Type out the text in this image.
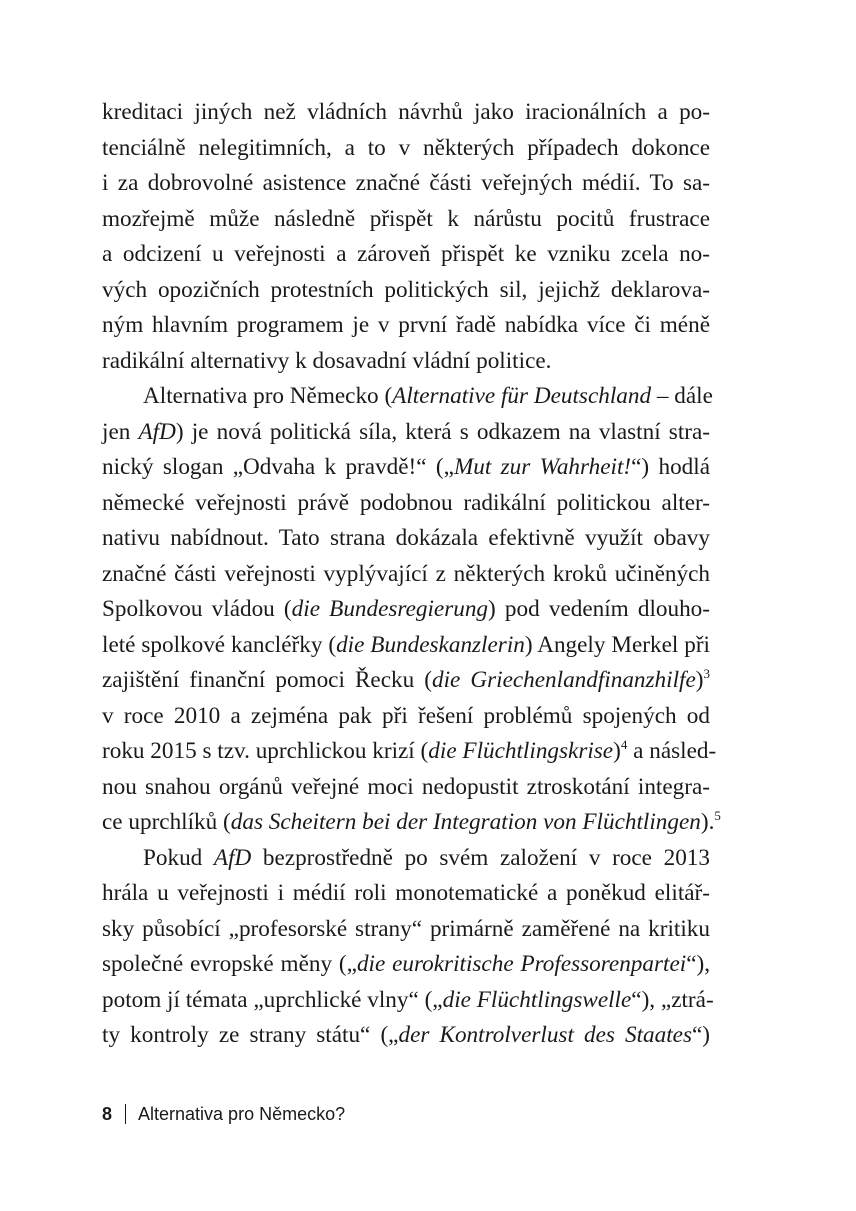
kreditaci jiných než vládních návrhů jako iracionálních a po-
tenciálně nelegitimních, a to v některých případech dokonce
i za dobrovolné asistence značné části veřejných médií. To sa-
mozřejmě může následně přispět k nárůstu pocitů frustrace
a odcizení u veřejnosti a zároveň přispět ke vzniku zcela no-
vých opozičních protestních politických sil, jejichž deklarova-
ným hlavním programem je v první řadě nabídka více či méně
radikální alternativy k dosavadní vládní politice.
Alternativa pro Německo (Alternative für Deutschland – dále
jen AfD) je nová politická síla, která s odkazem na vlastní stra-
nický slogan „Odvaha k pravdě!“ („Mut zur Wahrheit!“) hodlá
německé veřejnosti právě podobnou radikální politickou alter-
nativu nabídnout. Tato strana dokázala efektivně využít obavy
značné části veřejnosti vyplývající z některých kroků učiněných
Spolkovou vládou (die Bundesregierung) pod vedením dlouho-
leté spolkové kancléřky (die Bundeskanzlerin) Angely Merkel při
zajištění finanční pomoci Řecku (die Griechenlandfinanzhilfe)$^3$
v roce 2010 a zejména pak při řešení problémů spojených od
roku 2015 s tzv. uprchlickou krizí (die Flüchtlingskrise)$^4$ a násled-
nou snahou orgánů veřejné moci nedopustit ztroskotání integra-
ce uprchlíků (das Scheitern bei der Integration von Flüchtlingen).$^5$
Pokud AfD bezprostředně po svém založení v roce 2013
hrála u veřejnosti i médií roli monotematické a poněkud elitář-
sky působící „profesorské strany“ primárně zaměřené na kritiku
společné evropské měny („die eurokritische Professorenpartei“),
potom jí témata „uprchlické vlny“ („die Flüchtlingswelle“), „ztrá-
ty kontroly ze strany státu“ („der Kontrolverlust des Staates“)
8 Alternativa pro Německo?
